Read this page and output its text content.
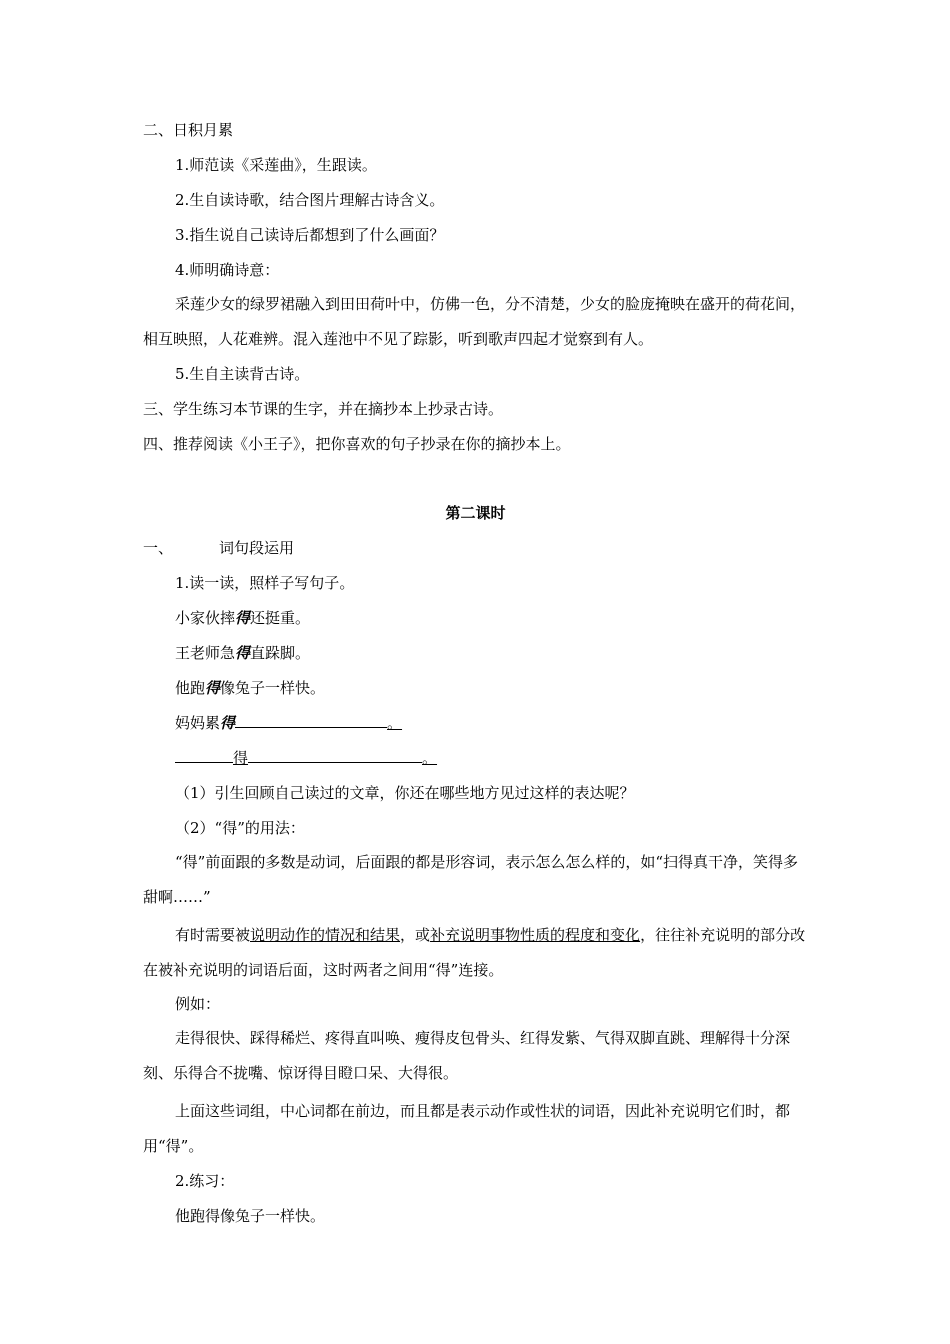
二、日积月累
1.师范读《采莲曲》，生跟读。
2.生自读诗歌，结合图片理解古诗含义。
3.指生说自己读诗后都想到了什么画面？
4.师明确诗意：
采莲少女的绿罗裙融入到田田荷叶中，仿佛一色，分不清楚，少女的脸庞掩映在盛开的荷花间，相互映照，人花难辨。混入莲池中不见了踪影，听到歌声四起才觉察到有人。
5.生自主读背古诗。
三、学生练习本节课的生字，并在摘抄本上抄录古诗。
四、推荐阅读《小王子》，把你喜欢的句子抄录在你的摘抄本上。
第二课时
一、	词句段运用
1.读一读，照样子写句子。
小家伙摔得还挺重。
王老师急得直跺脚。
他跑得像兔子一样快。
妈妈累得	。
得	。
（1）引生回顾自己读过的文章，你还在哪些地方见过这样的表达呢？
（2）“得”的用法：
“得”前面跟的多数是动词，后面跟的都是形容词，表示怎么怎么样的，如“扫得真干净，笑得多甜啊……”
有时需要被说明动作的情况和结果，或补充说明事物性质的程度和变化，往往补充说明的部分改在被补充说明的词语后面，这时两者之间用“得”连接。
例如：
走得很快、踩得稀烂、疼得直叫唤、瘦得皮包骨头、红得发紫、气得双脚直跳、理解得十分深刻、乐得合不拢嘴、惊讶得目瞪口呆、大得很。
上面这些词组，中心词都在前边，而且都是表示动作或性状的词语，因此补充说明它们时，都用“得”。
2.练习：
他跑得像兔子一样快。
